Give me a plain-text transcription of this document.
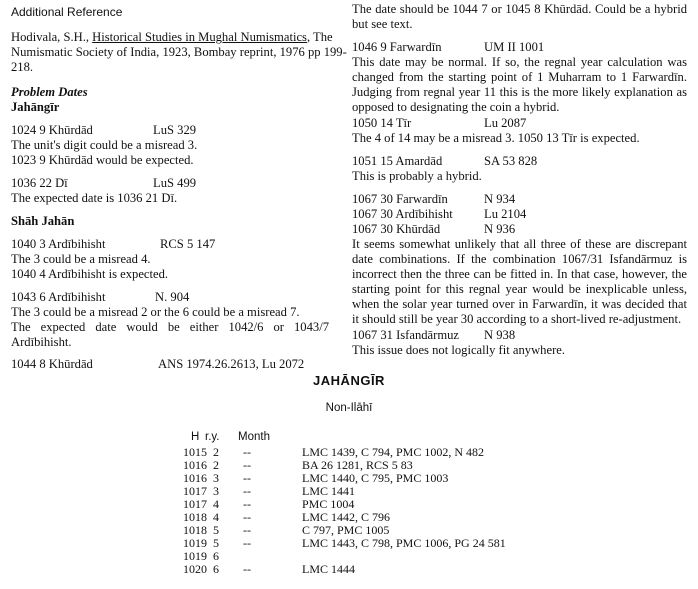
Additional Reference
Hodivala, S.H., Historical Studies in Mughal Numismatics, The
Numismatic Society of India, 1923, Bombay reprint, 1976 pp 199-
218.
Problem Dates
Jahāngīr
1024 9 Khūrdād	LuS 329
The unit's digit could be a misread 3.
1023 9 Khūrdād would be expected.
1036 22 Dī	LuS 499
The expected date is 1036 21 Dī.
Shāh Jahān
1040 3 Ardībihisht	RCS 5 147
The 3 could be a misread 4.
1040 4 Ardībihisht is expected.
1043 6 Ardībihisht	N. 904
The 3 could be a misread 2 or the 6 could be a misread 7.
The expected date would be either 1042/6 or 1043/7 Ardībihisht.
1044 8 Khūrdād	ANS 1974.26.2613, Lu 2072
The date should be 1044 7 or 1045 8 Khūrdād. Could be a hybrid but see text.
1046 9 Farwardīn	UM II 1001
This date may be normal. If so, the regnal year calculation was changed from the starting point of 1 Muharram to 1 Farwardīn. Judging from regnal year 11 this is the more likely explanation as opposed to designating the coin a hybrid.
1050 14 Tīr	Lu 2087
The 4 of 14 may be a misread 3. 1050 13 Tīr is expected.
1051 15 Amardād	SA 53 828
This is probably a hybrid.
1067 30 Farwardīn	N 934
1067 30 Ardībihisht Lu 2104
1067 30 Khūrdād	N 936
It seems somewhat unlikely that all three of these are discrepant date combinations. If the combination 1067/31 Isfandārmuz is incorrect then the three can be fitted in. In that case, however, the starting point for this regnal year would be inexplicable unless, when the solar year turned over in Farwardīn, it was decided that it should still be year 30 according to a short-lived re-adjustment.
1067 31 Isfandārmuz N 938
This issue does not logically fit anywhere.
JAHĀNGĪR
Non-Ilāhī
H r.y. Month
1015 2 --	LMC 1439, C 794, PMC 1002, N 482
1016 2 --	BA 26 1281, RCS 5 83
1016 3 --	LMC 1440, C 795, PMC 1003
1017 3 --	LMC 1441
1017 4 --	PMC 1004
1018 4 --	LMC 1442, C 796
1018 5 --	C 797, PMC 1005
1019 5 --	LMC 1443, C 798, PMC 1006, PG 24 581
1019 6
1020 6 --	LMC 1444
